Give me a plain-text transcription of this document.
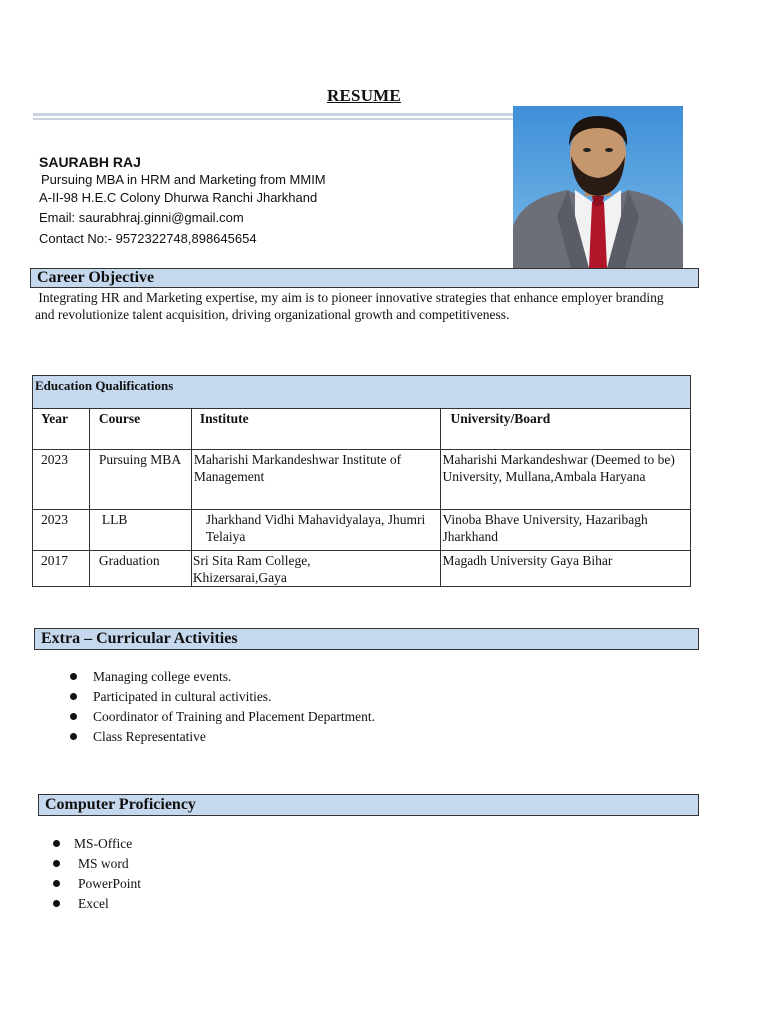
RESUME
SAURABH RAJ
Pursuing MBA in HRM and Marketing from MMIM
A-II-98 H.E.C Colony Dhurwa Ranchi Jharkhand
Email: saurabhraj.ginni@gmail.com
Contact No:- 9572322748,898645654
Career Objective
Integrating HR and Marketing expertise, my aim is to pioneer innovative strategies that enhance employer branding and revolutionize talent acquisition, driving organizational growth and competitiveness.
Education Qualifications
Year	Course	Institute	University/Board
2023	Pursuing MBA	Maharishi Markandeshwar Institute of Management	Maharishi Markandeshwar (Deemed to be) University, Mullana,Ambala Haryana
2023	LLB	Jharkhand Vidhi Mahavidyalaya, Jhumri Telaiya	Vinoba Bhave University, Hazaribagh Jharkhand
2017	Graduation	Sri Sita Ram College, Khizersarai,Gaya	Magadh University Gaya Bihar
Extra – Curricular Activities
Managing college events.
Participated in cultural activities.
Coordinator of Training and Placement Department.
Class Representative
Computer Proficiency
MS-Office
MS word
PowerPoint
Excel
